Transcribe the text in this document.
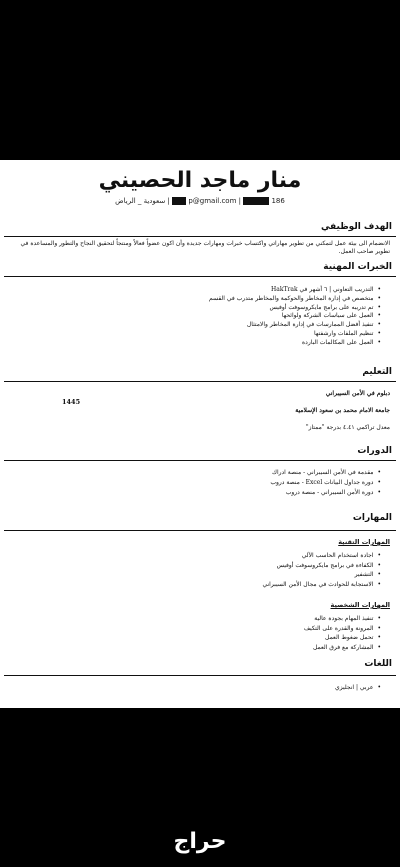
منار ماجد الحصيني
سعودية _ الرياض |	p@gmail.com |	186
الهدف الوظيفي
الانضمام الى بيئة عمل لتمكني من تطوير مهاراتي واكتساب خبرات ومهارات جديدة وأن اكون عضواً فعالاً ومنتجاً لتحقيق النجاح والتطور والمساعدة في تطوير صاحب العمل.
الخبرات المهنية
• التدريب التعاوني | ٦ أشهر في HakTrak
• متخصص في إدارة المخاطر والحوكمة والمخاطر متدرب في القسم
• تم تدريبه على برامج مايكروسوفت أوفيس
• العمل على سياسات الشركة ولوائحها
• تنفيذ أفضل الممارسات في إدارة المخاطر والامتثال
• تنظيم الملفات وارشفتها
• العمل على المكالمات الباردة
التعليم
1445
دبلوم في الأمن السيبراني
جامعة الامام محمد بن سعود الإسلامية
معدل تراكمي ٤.٤١ بدرجة "ممتاز"
الدورات
• مقدمة في الأمن السيبراني - منصة ادراك
• دورة جداول البيانات Excel - منصة دروب
• دورة الأمن السيبراني - منصة دروب
المهارات
المهارات التقنية
• اجادة استخدام الحاسب الآلي
• الكفاءة في برامج مايكروسوفت أوفيس
• التشفير
• الاستجابة للحوادث في مجال الأمن السيبراني
المهارات الشخصية
• تنفيذ المهام بجودة عالية
• المرونة والقدرة على التكيف
• تحمل ضغوط العمل
• المشاركة مع فرق العمل
اللغات
• عربي | انجليزي
حراج
